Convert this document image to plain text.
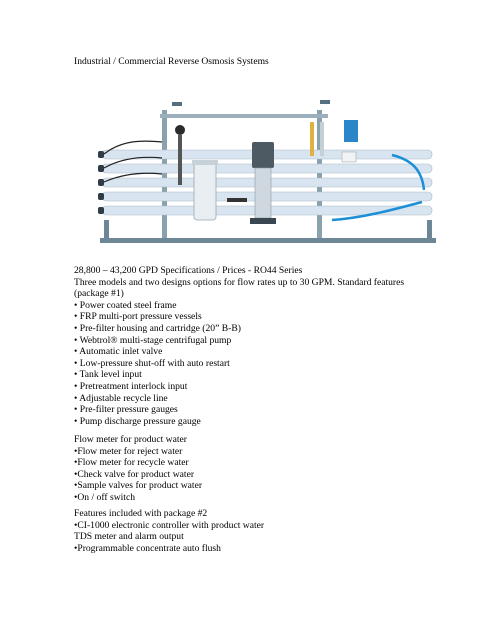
Industrial / Commercial Reverse Osmosis Systems
28,800 – 43,200 GPD Specifications / Prices - RO44 Series
Three models and two designs options for flow rates up to 30 GPM. Standard features (package #1)
• Power coated steel frame
• FRP multi-port pressure vessels
• Pre-filter housing and cartridge (20” B-B)
• Webtrol® multi-stage centrifugal pump
• Automatic inlet valve
• Low-pressure shut-off with auto restart
• Tank level input
• Pretreatment interlock input
• Adjustable recycle line
• Pre-filter pressure gauges
• Pump discharge pressure gauge
Flow meter for product water
•Flow meter for reject water
•Flow meter for recycle water
•Check valve for product water
•Sample valves for product water
•On / off switch
Features included with package #2
•CI-1000 electronic controller with product water
TDS meter and alarm output
•Programmable concentrate auto flush
